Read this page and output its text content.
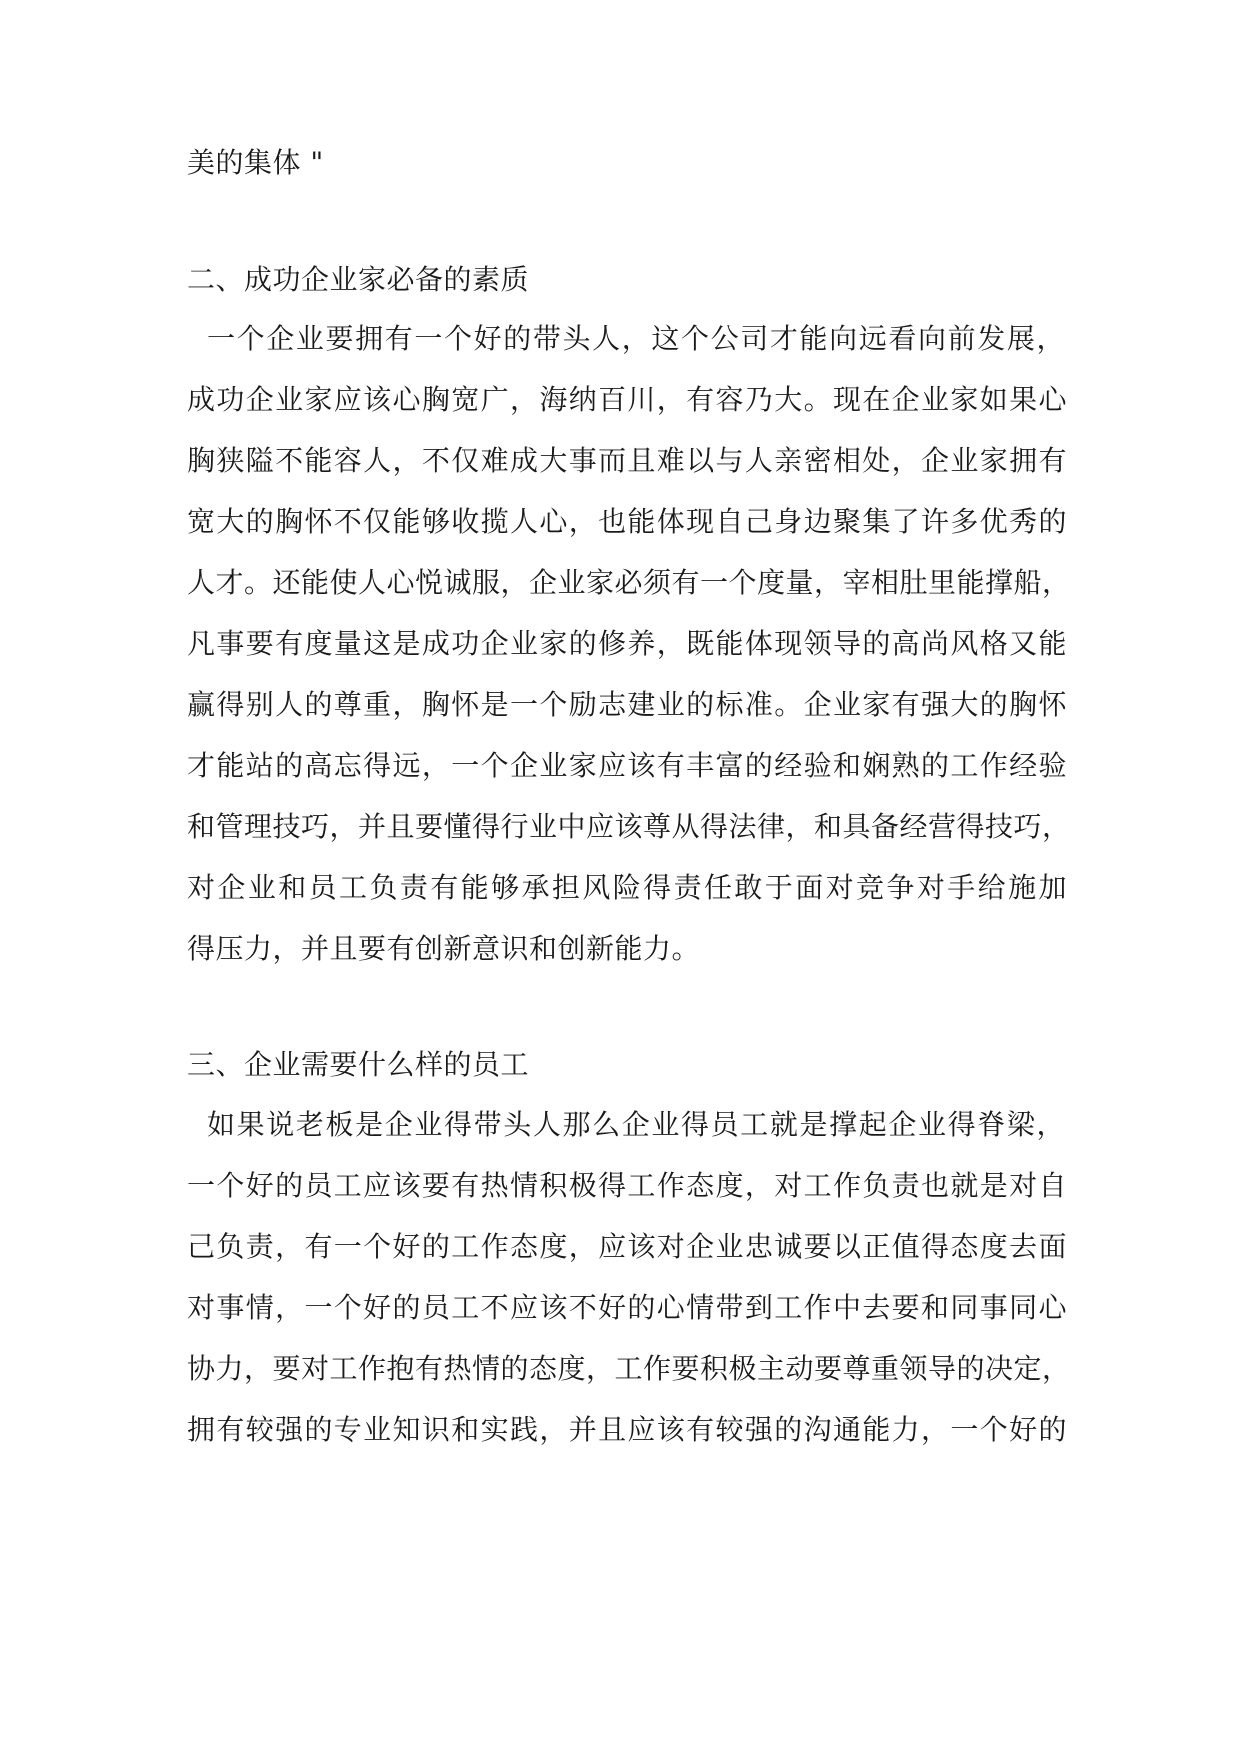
美的集体 "
二、成功企业家必备的素质
一个企业要拥有一个好的带头人，这个公司才能向远看向前发展，
成功企业家应该心胸宽广，海纳百川，有容乃大。现在企业家如果心
胸狭隘不能容人，不仅难成大事而且难以与人亲密相处，企业家拥有
宽大的胸怀不仅能够收揽人心，也能体现自己身边聚集了许多优秀的
人才。还能使人心悦诚服，企业家必须有一个度量，宰相肚里能撑船，
凡事要有度量这是成功企业家的修养，既能体现领导的高尚风格又能
赢得别人的尊重，胸怀是一个励志建业的标准。企业家有强大的胸怀
才能站的高忘得远，一个企业家应该有丰富的经验和娴熟的工作经验
和管理技巧，并且要懂得行业中应该尊从得法律，和具备经营得技巧，
对企业和员工负责有能够承担风险得责任敢于面对竞争对手给施加
得压力，并且要有创新意识和创新能力。
三、企业需要什么样的员工
如果说老板是企业得带头人那么企业得员工就是撑起企业得脊梁，
一个好的员工应该要有热情积极得工作态度，对工作负责也就是对自
己负责，有一个好的工作态度，应该对企业忠诚要以正值得态度去面
对事情，一个好的员工不应该不好的心情带到工作中去要和同事同心
协力，要对工作抱有热情的态度，工作要积极主动要尊重领导的决定，
拥有较强的专业知识和实践，并且应该有较强的沟通能力，一个好的
